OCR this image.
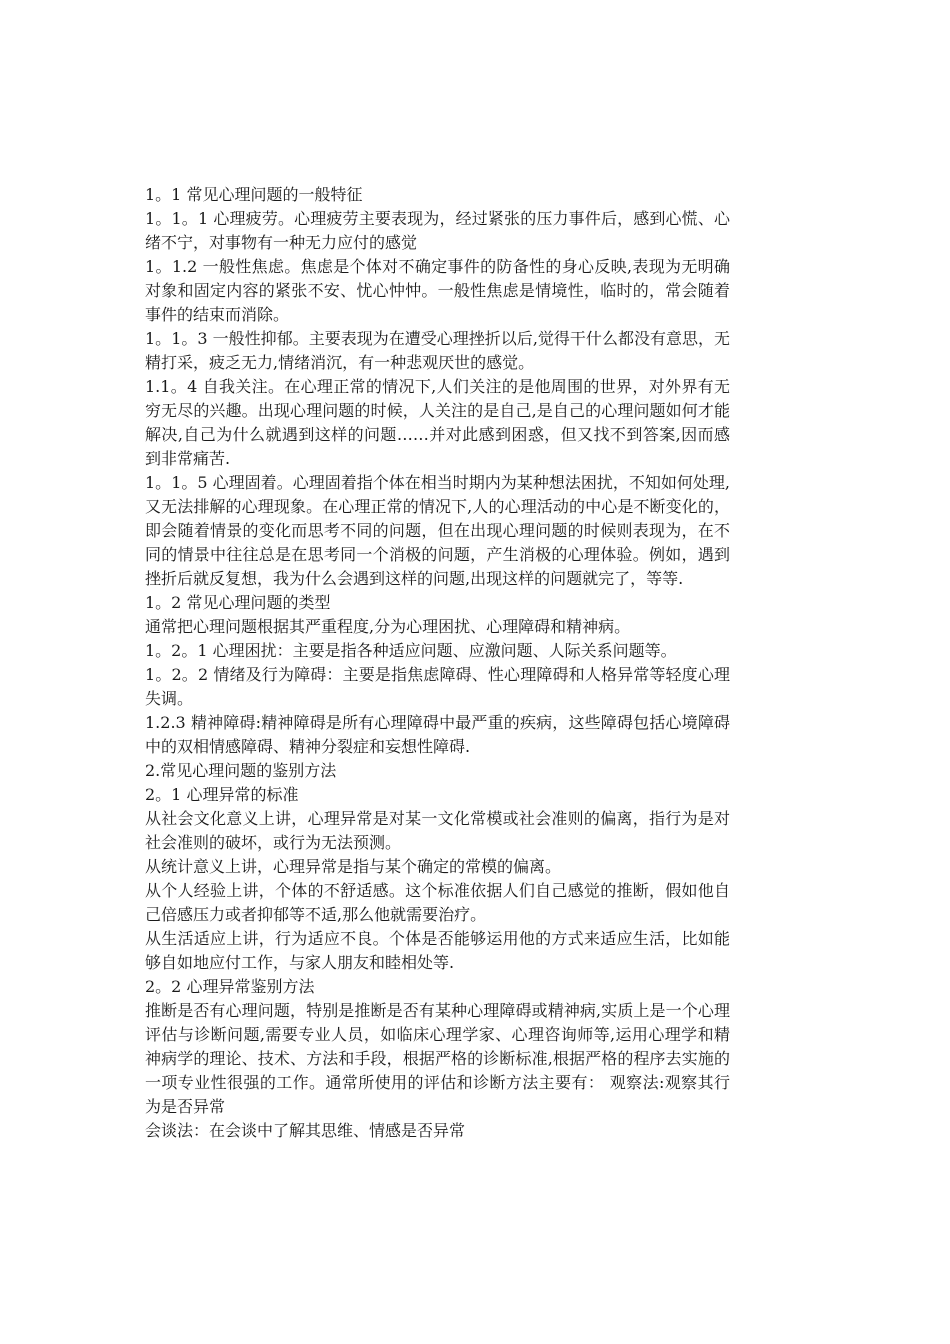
1。1 常见心理问题的一般特征

1。1。1 心理疲劳。心理疲劳主要表现为，经过紧张的压力事件后，感到心慌、心绪不宁，对事物有一种无力应付的感觉

1。1.2 一般性焦虑。焦虑是个体对不确定事件的防备性的身心反映,表现为无明确对象和固定内容的紧张不安、忧心忡忡。一般性焦虑是情境性，临时的，常会随着事件的结束而消除。

1。1。3 一般性抑郁。主要表现为在遭受心理挫折以后,觉得干什么都没有意思，无精打采，疲乏无力,情绪消沉，有一种悲观厌世的感觉。

1.1。4 自我关注。在心理正常的情况下,人们关注的是他周围的世界，对外界有无穷无尽的兴趣。出现心理问题的时候，人关注的是自己,是自己的心理问题如何才能解决,自己为什么就遇到这样的问题……并对此感到困惑，但又找不到答案,因而感到非常痛苦.

1。1。5 心理固着。心理固着指个体在相当时期内为某种想法困扰，不知如何处理,又无法排解的心理现象。在心理正常的情况下,人的心理活动的中心是不断变化的，即会随着情景的变化而思考不同的问题，但在出现心理问题的时候则表现为，在不同的情景中往往总是在思考同一个消极的问题，产生消极的心理体验。例如，遇到挫折后就反复想，我为什么会遇到这样的问题,出现这样的问题就完了，等等.

1。2 常见心理问题的类型

通常把心理问题根据其严重程度,分为心理困扰、心理障碍和精神病。

1。2。1 心理困扰：主要是指各种适应问题、应激问题、人际关系问题等。

1。2。2 情绪及行为障碍：主要是指焦虑障碍、性心理障碍和人格异常等轻度心理失调。

1.2.3 精神障碍:精神障碍是所有心理障碍中最严重的疾病，这些障碍包括心境障碍中的双相情感障碍、精神分裂症和妄想性障碍.

2.常见心理问题的鉴别方法

2。1 心理异常的标准

从社会文化意义上讲，心理异常是对某一文化常模或社会准则的偏离，指行为是对社会准则的破坏，或行为无法预测。

从统计意义上讲，心理异常是指与某个确定的常模的偏离。

从个人经验上讲，个体的不舒适感。这个标准依据人们自己感觉的推断，假如他自己倍感压力或者抑郁等不适,那么他就需要治疗。

从生活适应上讲，行为适应不良。个体是否能够运用他的方式来适应生活，比如能够自如地应付工作，与家人朋友和睦相处等.

2。2 心理异常鉴别方法

推断是否有心理问题，特别是推断是否有某种心理障碍或精神病,实质上是一个心理评估与诊断问题,需要专业人员，如临床心理学家、心理咨询师等,运用心理学和精神病学的理论、技术、方法和手段，根据严格的诊断标准,根据严格的程序去实施的一项专业性很强的工作。通常所使用的评估和诊断方法主要有： 观察法:观察其行为是否异常

会谈法：在会谈中了解其思维、情感是否异常
